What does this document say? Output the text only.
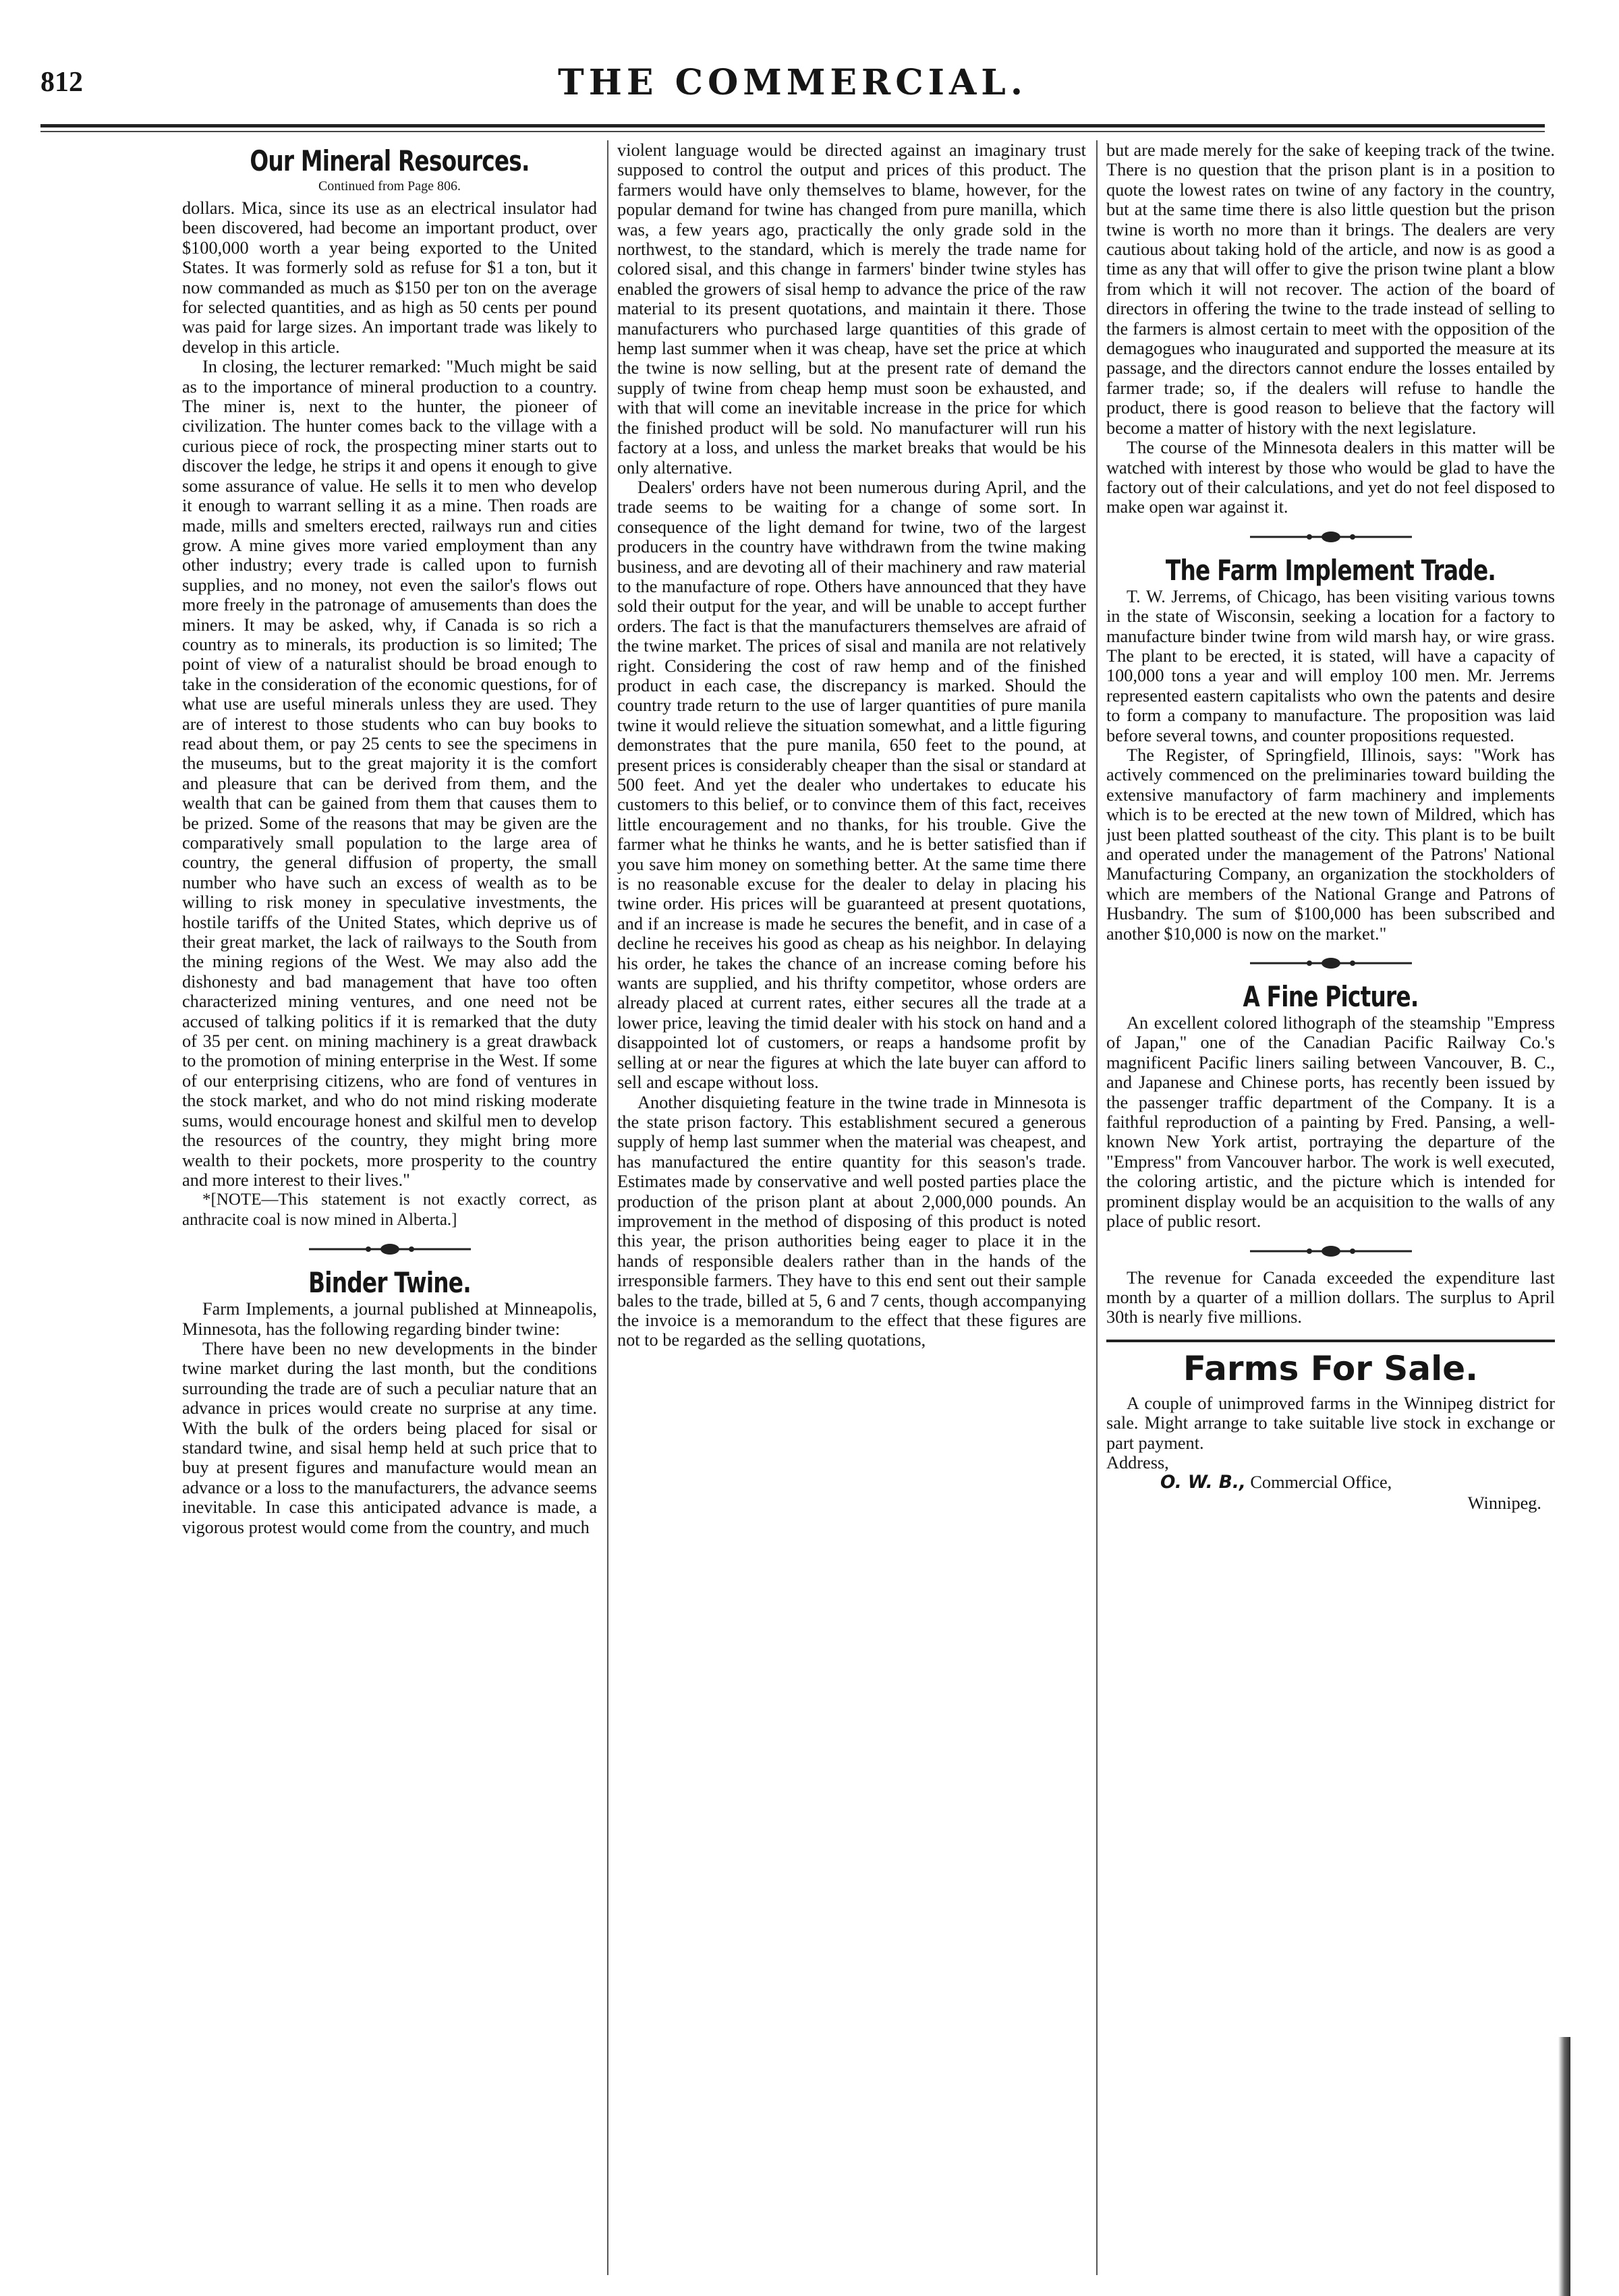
812	THE COMMERCIAL.
Our Mineral Resources.
Continued from Page 806.

dollars. Mica, since its use as an electrical insulator had been discovered, had become an important product, over $100,000 worth a year being exported to the United States. It was formerly sold as refuse for $1 a ton, but it now commanded as much as $150 per ton on the average for selected quantities, and as high as 50 cents per pound was paid for large sizes. An important trade was likely to develop in this article.

In closing, the lecturer remarked: "Much might be said as to the importance of mineral production to a country. The miner is, next to the hunter, the pioneer of civilization. The hunter comes back to the village with a curious piece of rock, the prospecting miner starts out to discover the ledge, he strips it and opens it enough to give some assurance of value. He sells it to men who develop it enough to warrant selling it as a mine. Then roads are made, mills and smelters erected, railways run and cities grow. A mine gives more varied employment than any other industry; every trade is called upon to furnish supplies, and no money, not even the sailor's flows out more freely in the patronage of amusements than does the miners. It may be asked, why, if Canada is so rich a country as to minerals, its production is so limited; The point of view of a naturalist should be broad enough to take in the consideration of the economic questions, for of what use are useful minerals unless they are used. They are of interest to those students who can buy books to read about them, or pay 25 cents to see the specimens in the museums, but to the great majority it is the comfort and pleasure that can be derived from them, and the wealth that can be gained from them that causes them to be prized. Some of the reasons that may be given are the comparatively small population to the large area of country, the general diffusion of property, the small number who have such an excess of wealth as to be willing to risk money in speculative investments, the hostile tariffs of the United States, which deprive us of their great market, the lack of railways to the South from the mining regions of the West. We may also add the dishonesty and bad management that have too often characterized mining ventures, and one need not be accused of talking politics if it is remarked that the duty of 35 per cent. on mining machinery is a great drawback to the promotion of mining enterprise in the West. If some of our enterprising citizens, who are fond of ventures in the stock market, and who do not mind risking moderate sums, would encourage honest and skilful men to develop the resources of the country, they might bring more wealth to their pockets, more prosperity to the country and more interest to their lives."

*[NOTE—This statement is not exactly correct, as anthracite coal is now mined in Alberta.]

Binder Twine.

Farm Implements, a journal published at Minneapolis, Minnesota, has the following regarding binder twine:

There have been no new developments in the binder twine market during the last month, but the conditions surrounding the trade are of such a peculiar nature that an advance in prices would create no surprise at any time. With the bulk of the orders being placed for sisal or standard twine, and sisal hemp held at such price that to buy at present figures and manufacture would mean an advance or a loss to the manufacturers, the advance seems inevitable. In case this anticipated advance is made, a vigorous protest would come from the country, and much

violent language would be directed against an imaginary trust supposed to control the output and prices of this product. The farmers would have only themselves to blame, however, for the popular demand for twine has changed from pure manilla, which was, a few years ago, practically the only grade sold in the northwest, to the standard, which is merely the trade name for colored sisal, and this change in farmers' binder twine styles has enabled the growers of sisal hemp to advance the price of the raw material to its present quotations, and maintain it there. Those manufacturers who purchased large quantities of this grade of hemp last summer when it was cheap, have set the price at which the twine is now selling, but at the present rate of demand the supply of twine from cheap hemp must soon be exhausted, and with that will come an inevitable increase in the price for which the finished product will be sold. No manufacturer will run his factory at a loss, and unless the market breaks that would be his only alternative.

Dealers' orders have not been numerous during April, and the trade seems to be waiting for a change of some sort. In consequence of the light demand for twine, two of the largest producers in the country have withdrawn from the twine making business, and are devoting all of their machinery and raw material to the manufacture of rope. Others have announced that they have sold their output for the year, and will be unable to accept further orders. The fact is that the manufacturers themselves are afraid of the twine market. The prices of sisal and manila are not relatively right. Considering the cost of raw hemp and of the finished product in each case, the discrepancy is marked. Should the country trade return to the use of larger quantities of pure manila twine it would relieve the situation somewhat, and a little figuring demonstrates that the pure manila, 650 feet to the pound, at present prices is considerably cheaper than the sisal or standard at 500 feet. And yet the dealer who undertakes to educate his customers to this belief, or to convince them of this fact, receives little encouragement and no thanks, for his trouble. Give the farmer what he thinks he wants, and he is better satisfied than if you save him money on something better. At the same time there is no reasonable excuse for the dealer to delay in placing his twine order. His prices will be guaranteed at present quotations, and if an increase is made he secures the benefit, and in case of a decline he receives his good as cheap as his neighbor. In delaying his order, he takes the chance of an increase coming before his wants are supplied, and his thrifty competitor, whose orders are already placed at current rates, either secures all the trade at a lower price, leaving the timid dealer with his stock on hand and a disappointed lot of customers, or reaps a handsome profit by selling at or near the figures at which the late buyer can afford to sell and escape without loss.

Another disquieting feature in the twine trade in Minnesota is the state prison factory. This establishment secured a generous supply of hemp last summer when the material was cheapest, and has manufactured the entire quantity for this season's trade. Estimates made by conservative and well posted parties place the production of the prison plant at about 2,000,000 pounds. An improvement in the method of disposing of this product is noted this year, the prison authorities being eager to place it in the hands of responsible dealers rather than in the hands of the irresponsible farmers. They have to this end sent out their sample bales to the trade, billed at 5, 6 and 7 cents, though accompanying the invoice is a memorandum to the effect that these figures are not to be regarded as the selling quotations,

but are made merely for the sake of keeping track of the twine. There is no question that the prison plant is in a position to quote the lowest rates on twine of any factory in the country, but at the same time there is also little question but the prison twine is worth no more than it brings. The dealers are very cautious about taking hold of the article, and now is as good a time as any that will offer to give the prison twine plant a blow from which it will not recover. The action of the board of directors in offering the twine to the trade instead of selling to the farmers is almost certain to meet with the opposition of the demagogues who inaugurated and supported the measure at its passage, and the directors cannot endure the losses entailed by farmer trade; so, if the dealers will refuse to handle the product, there is good reason to believe that the factory will become a matter of history with the next legislature.

The course of the Minnesota dealers in this matter will be watched with interest by those who would be glad to have the factory out of their calculations, and yet do not feel disposed to make open war against it.

The Farm Implement Trade.

T. W. Jerrems, of Chicago, has been visiting various towns in the state of Wisconsin, seeking a location for a factory to manufacture binder twine from wild marsh hay, or wire grass. The plant to be erected, it is stated, will have a capacity of 100,000 tons a year and will employ 100 men. Mr. Jerrems represented eastern capitalists who own the patents and desire to form a company to manufacture. The proposition was laid before several towns, and counter propositions requested.

The Register, of Springfield, Illinois, says: "Work has actively commenced on the preliminaries toward building the extensive manufactory of farm machinery and implements which is to be erected at the new town of Mildred, which has just been platted southeast of the city. This plant is to be built and operated under the management of the Patrons' National Manufacturing Company, an organization the stockholders of which are members of the National Grange and Patrons of Husbandry. The sum of $100,000 has been subscribed and another $10,000 is now on the market."

A Fine Picture.

An excellent colored lithograph of the steamship "Empress of Japan," one of the Canadian Pacific Railway Co.'s magnificent Pacific liners sailing between Vancouver, B. C., and Japanese and Chinese ports, has recently been issued by the passenger traffic department of the Company. It is a faithful reproduction of a painting by Fred. Pansing, a well-known New York artist, portraying the departure of the "Empress" from Vancouver harbor. The work is well executed, the coloring artistic, and the picture which is intended for prominent display would be an acquisition to the walls of any place of public resort.

The revenue for Canada exceeded the expenditure last month by a quarter of a million dollars. The surplus to April 30th is nearly five millions.

Farms For Sale.

A couple of unimproved farms in the Winnipeg district for sale. Might arrange to take suitable live stock in exchange or part payment.

Address,
O. W. B., Commercial Office,
Winnipeg.
